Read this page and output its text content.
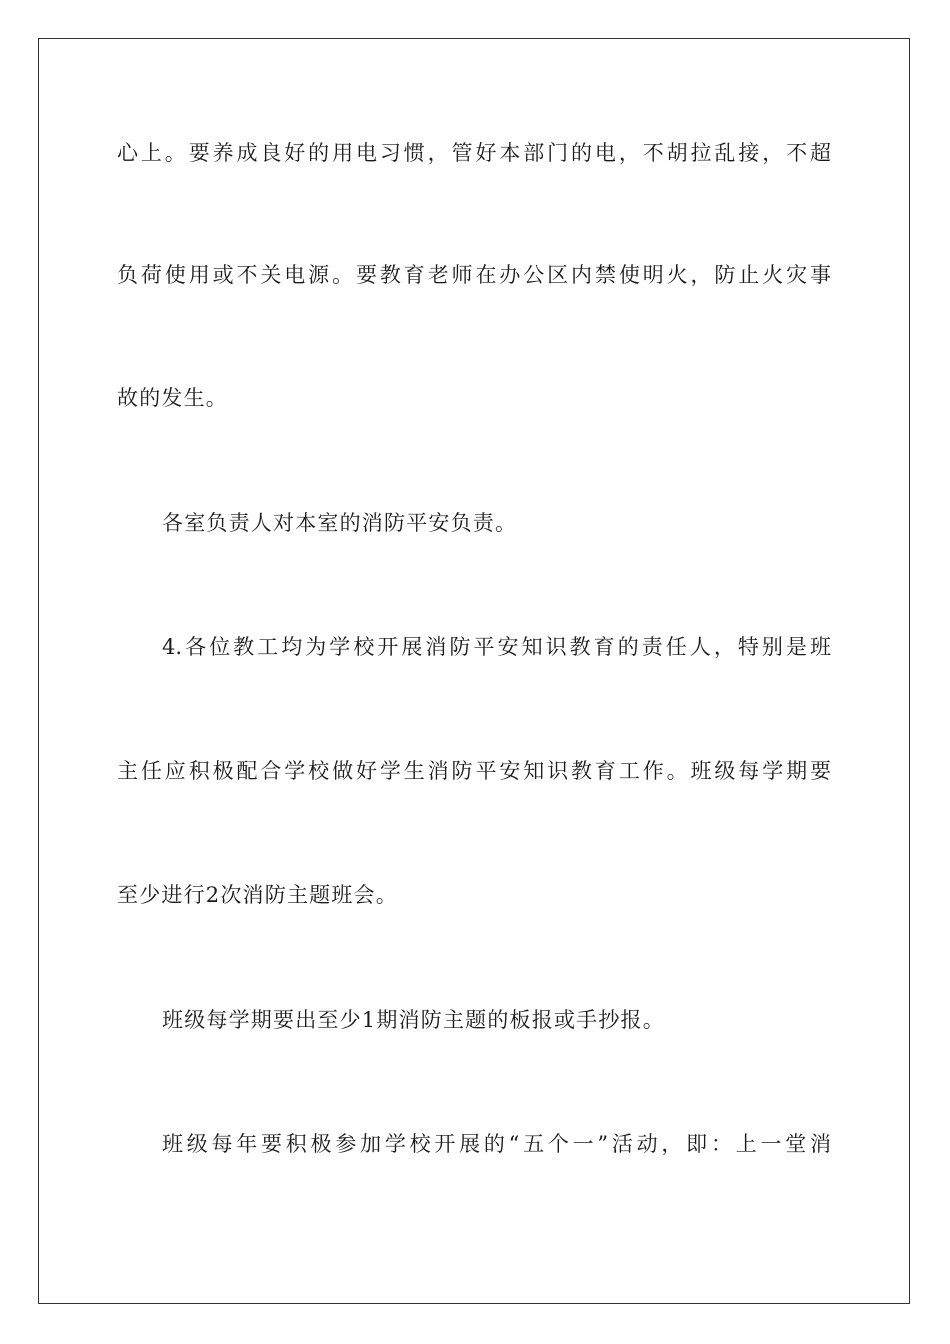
心上。要养成良好的用电习惯，管好本部门的电，不胡拉乱接，不超
负荷使用或不关电源。要教育老师在办公区内禁使明火，防止火灾事
故的发生。
各室负责人对本室的消防平安负责。
4.各位教工均为学校开展消防平安知识教育的责任人，特别是班
主任应积极配合学校做好学生消防平安知识教育工作。班级每学期要
至少进行2次消防主题班会。
班级每学期要出至少1期消防主题的板报或手抄报。
班级每年要积极参加学校开展的“五个一”活动，即：上一堂消
